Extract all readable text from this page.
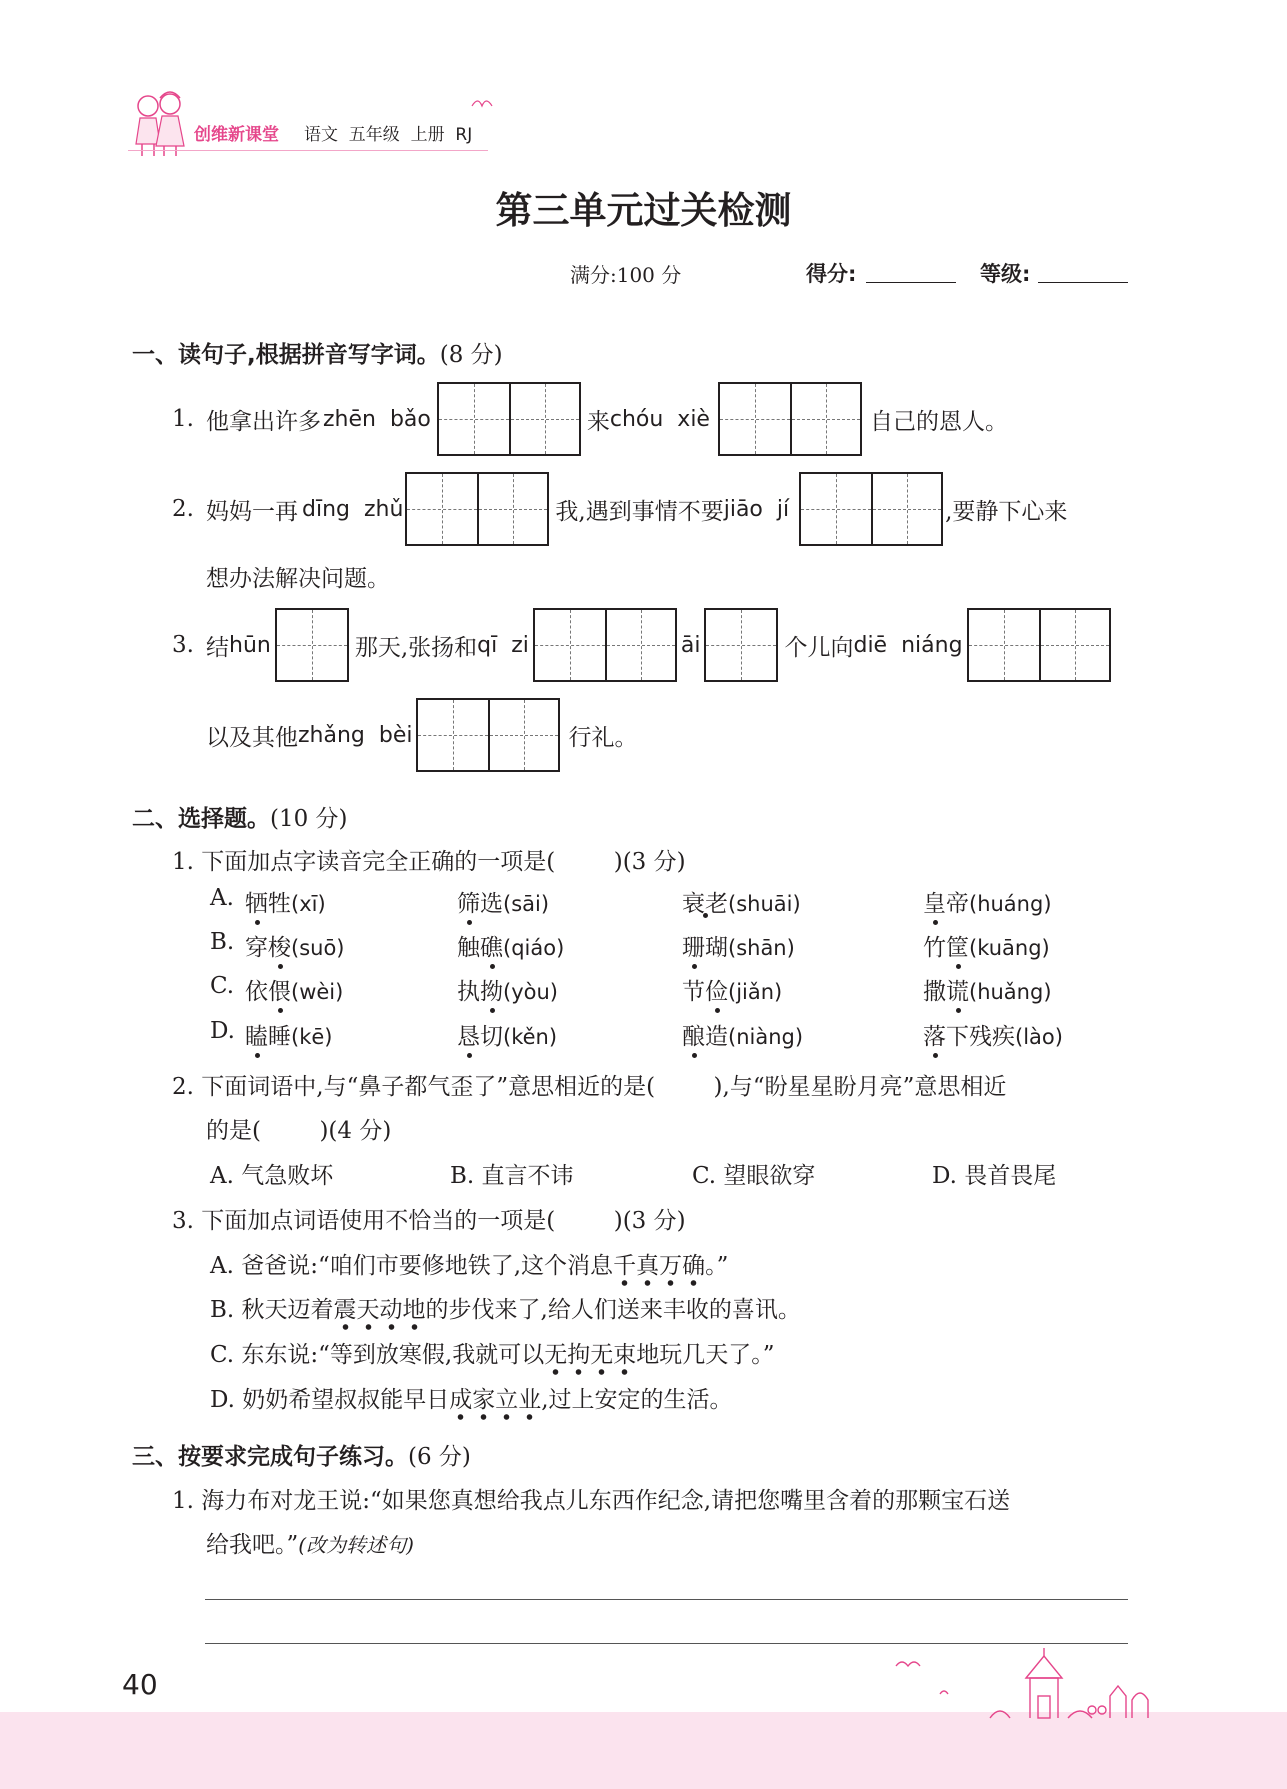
创维新课堂 语文  五年级  上册  RJ
第三单元过关检测
满分:100 分	得分:	等级:
一、读句子,根据拼音写字词。(8 分)
1. 他拿出许多 zhēn  bǎo	来 chóu  xiè	自己的恩人。
2. 妈妈一再 dīng  zhǔ	我,遇到事情不要 jiāo  jí	,要静下心来
想办法解决问题。
3. 结 hūn	那天,张扬和 qī  zi	āi	个儿向 diē  niáng
以及其他 zhǎng  bèi	行礼。
二、选择题。(10 分)
1. 下面加点字读音完全正确的一项是(        )(3 分)
A. 牺牲(xī)	筛选(sāi)	衰老(shuāi)	皇帝(huáng)
B. 穿梭(suō)	触礁(qiáo)	珊瑚(shān)	竹筐(kuāng)
C. 依偎(wèi)	执拗(yòu)	节俭(jiǎn)	撒谎(huǎng)
D. 瞌睡(kē)	恳切(kěn)	酿造(niàng)	落下残疾(lào)
2. 下面词语中,与“鼻子都气歪了”意思相近的是(        ),与“盼星星盼月亮”意思相近
的是(        )(4 分)
A. 气急败坏	B. 直言不讳	C. 望眼欲穿	D. 畏首畏尾
3. 下面加点词语使用不恰当的一项是(        )(3 分)
A. 爸爸说:“咱们市要修地铁了,这个消息千真万确。”
B. 秋天迈着震天动地的步伐来了,给人们送来丰收的喜讯。
C. 东东说:“等到放寒假,我就可以无拘无束地玩几天了。”
D. 奶奶希望叔叔能早日成家立业,过上安定的生活。
三、按要求完成句子练习。(6 分)
1. 海力布对龙王说:“如果您真想给我点儿东西作纪念,请把您嘴里含着的那颗宝石送
给我吧。”(改为转述句)
40
